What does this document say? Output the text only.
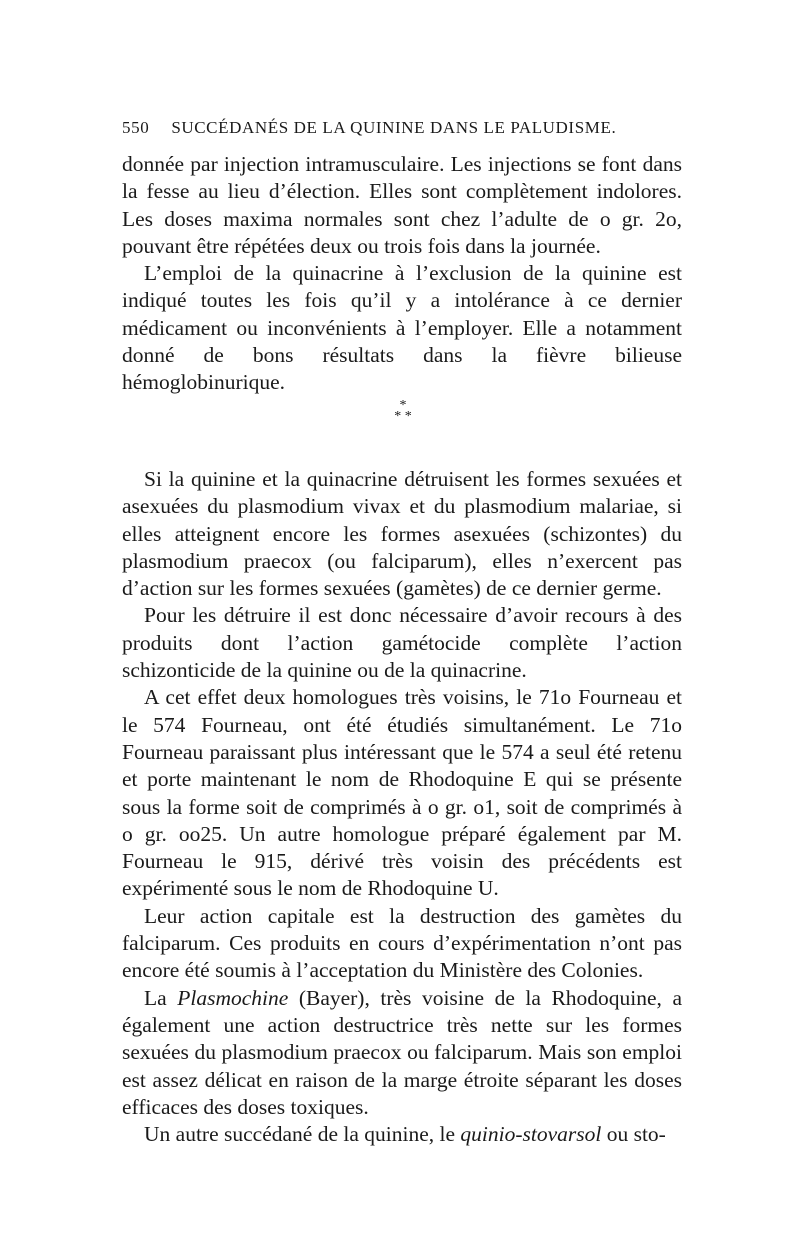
550 SUCCÉDANÉS DE LA QUININE DANS LE PALUDISME.

donnée par injection intramusculaire. Les injections se font dans la fesse au lieu d’élection. Elles sont complètement indolores. Les doses maxima normales sont chez l’adulte de o gr. 2o, pouvant être répétées deux ou trois fois dans la journée.

L’emploi de la quinacrine à l’exclusion de la quinine est indiqué toutes les fois qu’il y a intolérance à ce dernier médicament ou inconvénients à l’employer. Elle a notamment donné de bons résultats dans la fièvre bilieuse hémoglobinurique.

*
* *

Si la quinine et la quinacrine détruisent les formes sexuées et asexuées du plasmodium vivax et du plasmodium malariae, si elles atteignent encore les formes asexuées (schizontes) du plasmodium praecox (ou falciparum), elles n’exercent pas d’action sur les formes sexuées (gamètes) de ce dernier germe.

Pour les détruire il est donc nécessaire d’avoir recours à des produits dont l’action gamétocide complète l’action schizonticide de la quinine ou de la quinacrine.

A cet effet deux homologues très voisins, le 71o Fourneau et le 574 Fourneau, ont été étudiés simultanément. Le 71o Fourneau paraissant plus intéressant que le 574 a seul été retenu et porte maintenant le nom de Rhodoquine E qui se présente sous la forme soit de comprimés à o gr. o1, soit de comprimés à o gr. oo25. Un autre homologue préparé également par M. Fourneau le 915, dérivé très voisin des précédents est expérimenté sous le nom de Rhodoquine U.

Leur action capitale est la destruction des gamètes du falciparum. Ces produits en cours d’expérimentation n’ont pas encore été soumis à l’acceptation du Ministère des Colonies.

La Plasmochine (Bayer), très voisine de la Rhodoquine, a également une action destructrice très nette sur les formes sexuées du plasmodium praecox ou falciparum. Mais son emploi est assez délicat en raison de la marge étroite séparant les doses efficaces des doses toxiques.

Un autre succédané de la quinine, le quinio-stovarsol ou sto-
